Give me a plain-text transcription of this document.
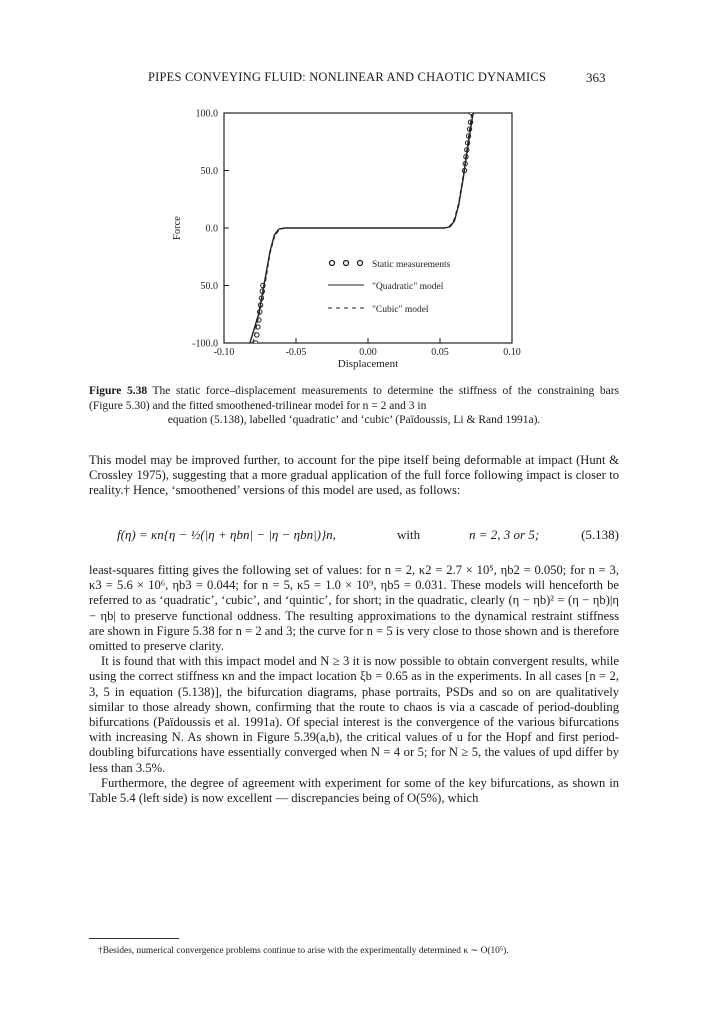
PIPES CONVEYING FLUID: NONLINEAR AND CHAOTIC DYNAMICS	363
-0.10	-0.05	0.00	0.05	0.10
-100.0
50.0
0.0
50.0
100.0
Static measurements
"Quadratic" model
"Cubic" model
Displacement
Force
Figure 5.38 The static force–displacement measurements to determine the stiffness of the constraining bars (Figure 5.30) and the fitted smoothened-trilinear model for n = 2 and 3 in
equation (5.138), labelled ‘quadratic’ and ‘cubic’ (Païdoussis, Li & Rand 1991a).

This model may be improved further, to account for the pipe itself being deformable at impact (Hunt & Crossley 1975), suggesting that a more gradual application of the full force following impact is closer to reality.† Hence, ‘smoothened’ versions of this model are used, as follows:

f(η) = κn{η − ½(|η + ηbn| − |η − ηbn|)}n,	with	n = 2, 3 or 5;	(5.138)

least-squares fitting gives the following set of values: for n = 2, κ2 = 2.7 × 10⁵, ηb2 = 0.050; for n = 3, κ3 = 5.6 × 10⁶, ηb3 = 0.044; for n = 5, κ5 = 1.0 × 10⁹, ηb5 = 0.031. These models will henceforth be referred to as ‘quadratic’, ‘cubic’, and ‘quintic’, for short; in the quadratic, clearly (η − ηb)² = (η − ηb)|η − ηb| to preserve functional oddness. The resulting approximations to the dynamical restraint stiffness are shown in Figure 5.38 for n = 2 and 3; the curve for n = 5 is very close to those shown and is therefore omitted to preserve clarity.

It is found that with this impact model and N ≥ 3 it is now possible to obtain convergent results, while using the correct stiffness κn and the impact location ξb = 0.65 as in the experiments. In all cases [n = 2, 3, 5 in equation (5.138)], the bifurcation diagrams, phase portraits, PSDs and so on are qualitatively similar to those already shown, confirming that the route to chaos is via a cascade of period-doubling bifurcations (Païdoussis et al. 1991a). Of special interest is the convergence of the various bifurcations with increasing N. As shown in Figure 5.39(a,b), the critical values of u for the Hopf and first period-doubling bifurcations have essentially converged when N = 4 or 5; for N ≥ 5, the values of upd differ by less than 3.5%.

Furthermore, the degree of agreement with experiment for some of the key bifurcations, as shown in Table 5.4 (left side) is now excellent — discrepancies being of O(5%), which

†Besides, numerical convergence problems continue to arise with the experimentally determined κ ∼ O(10⁵).
